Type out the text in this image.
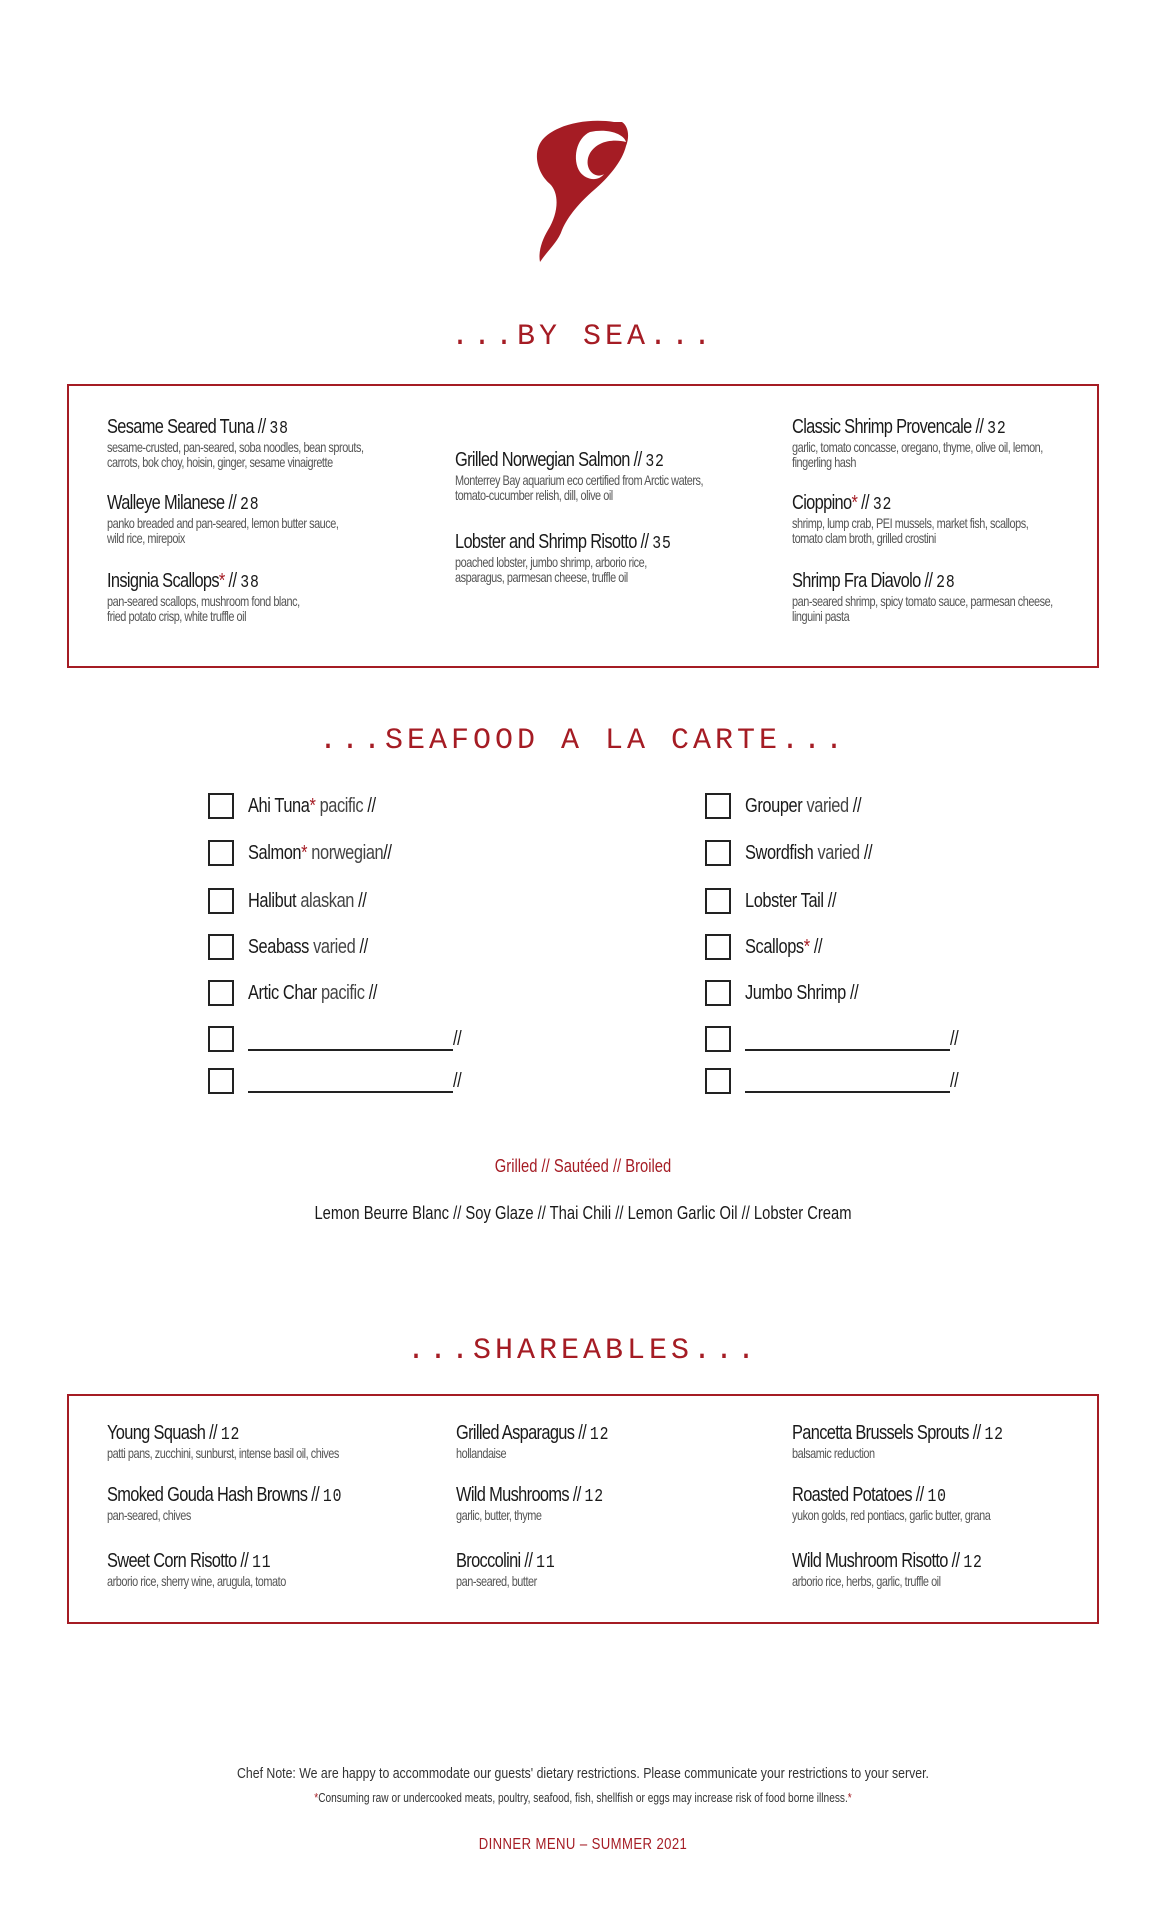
...BY SEA...
Sesame Seared Tuna // 38
sesame-crusted, pan-seared, soba noodles, bean sprouts,
carrots, bok choy, hoisin, ginger, sesame vinaigrette
Walleye Milanese // 28
panko breaded and pan-seared, lemon butter sauce,
wild rice, mirepoix
Insignia Scallops* // 38
pan-seared scallops, mushroom fond blanc,
fried potato crisp, white truffle oil
Grilled Norwegian Salmon // 32
Monterrey Bay aquarium eco certified from Arctic waters,
tomato-cucumber relish, dill, olive oil
Lobster and Shrimp Risotto // 35
poached lobster, jumbo shrimp, arborio rice,
asparagus, parmesan cheese, truffle oil
Classic Shrimp Provencale // 32
garlic, tomato concasse, oregano, thyme, olive oil, lemon,
fingerling hash
Cioppino* // 32
shrimp, lump crab, PEI mussels, market fish, scallops,
tomato clam broth, grilled crostini
Shrimp Fra Diavolo // 28
pan-seared shrimp, spicy tomato sauce, parmesan cheese,
linguini pasta
...SEAFOOD A LA CARTE...
Ahi Tuna* pacific //
Salmon* norwegian//
Halibut alaskan //
Seabass varied //
Artic Char pacific //
//
//
Grouper varied //
Swordfish varied //
Lobster Tail //
Scallops* //
Jumbo Shrimp //
//
//
Grilled // Sautéed // Broiled
Lemon Beurre Blanc // Soy Glaze // Thai Chili // Lemon Garlic Oil // Lobster Cream
...SHAREABLES...
Young Squash // 12
patti pans, zucchini, sunburst, intense basil oil, chives
Smoked Gouda Hash Browns // 10
pan-seared, chives
Sweet Corn Risotto // 11
arborio rice, sherry wine, arugula, tomato
Grilled Asparagus // 12
hollandaise
Wild Mushrooms // 12
garlic, butter, thyme
Broccolini // 11
pan-seared, butter
Pancetta Brussels Sprouts // 12
balsamic reduction
Roasted Potatoes // 10
yukon golds, red pontiacs, garlic butter, grana
Wild Mushroom Risotto // 12
arborio rice, herbs, garlic, truffle oil
Chef Note: We are happy to accommodate our guests' dietary restrictions. Please communicate your restrictions to your server.
*Consuming raw or undercooked meats, poultry, seafood, fish, shellfish or eggs may increase risk of food borne illness.*
DINNER MENU – SUMMER 2021
